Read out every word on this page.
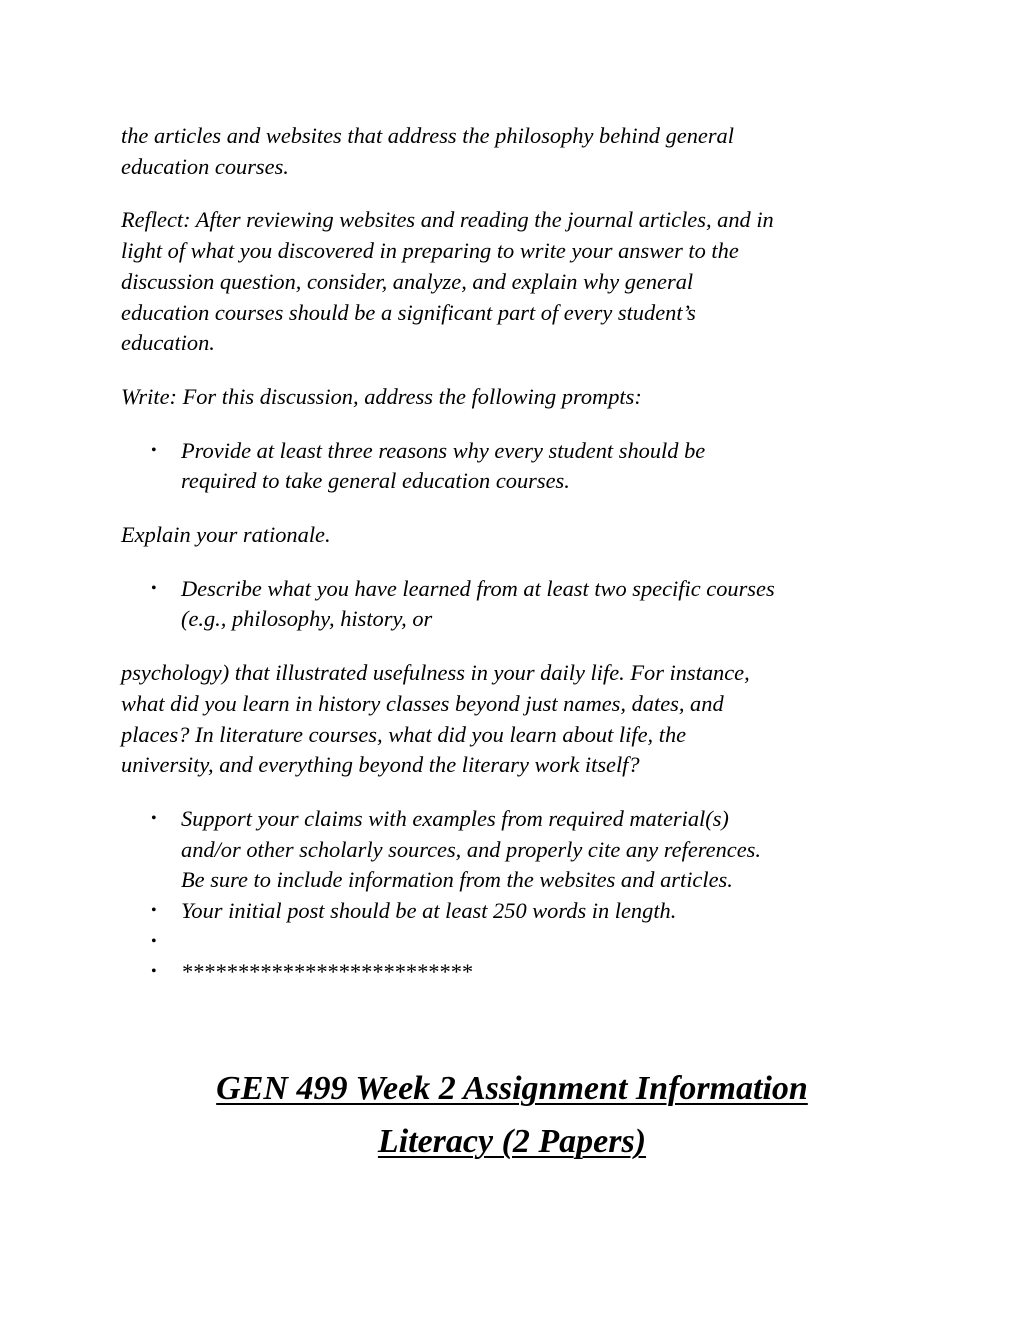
the articles and websites that address the philosophy behind general
education courses.

Reflect: After reviewing websites and reading the journal articles, and in
light of what you discovered in preparing to write your answer to the
discussion question, consider, analyze, and explain why general
education courses should be a significant part of every student’s
education.

Write: For this discussion, address the following prompts:

• Provide at least three reasons why every student should be
required to take general education courses.

Explain your rationale.

• Describe what you have learned from at least two specific courses
(e.g., philosophy, history, or

psychology) that illustrated usefulness in your daily life. For instance,
what did you learn in history classes beyond just names, dates, and
places? In literature courses, what did you learn about life, the
university, and everything beyond the literary work itself?

• Support your claims with examples from required material(s)
and/or other scholarly sources, and properly cite any references.
Be sure to include information from the websites and articles.
• Your initial post should be at least 250 words in length.
•
• **************************
GEN 499 Week 2 Assignment Information
Literacy (2 Papers)
